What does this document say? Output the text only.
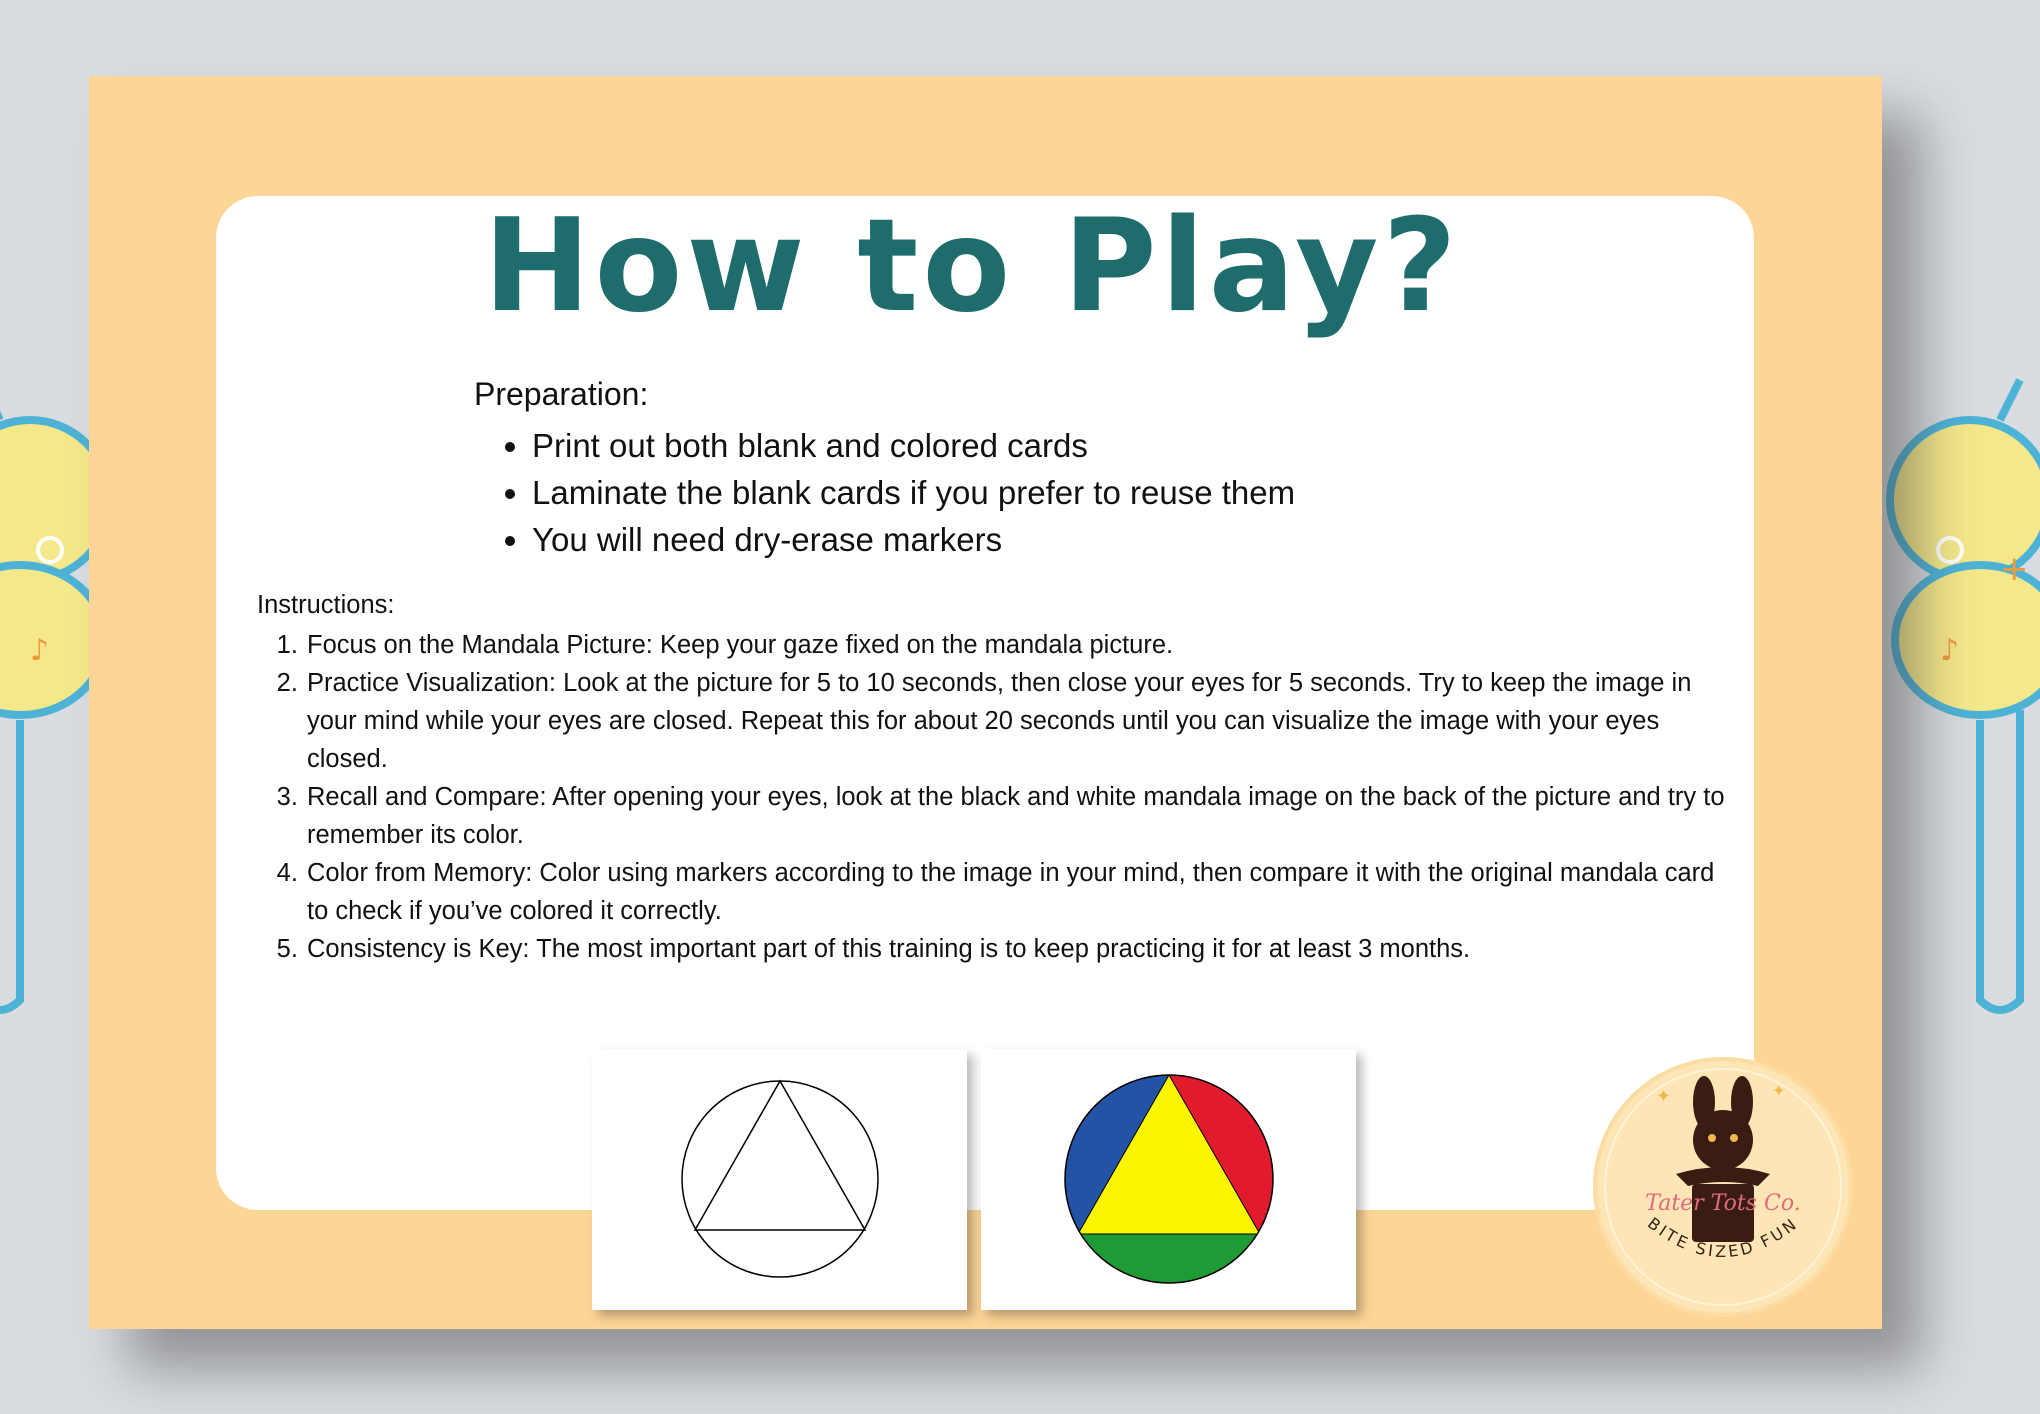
♪
+
♪
How to Play?

Preparation:

• Print out both blank and colored cards
• Laminate the blank cards if you prefer to reuse them
• You will need dry-erase markers

Instructions:

1. Focus on the Mandala Picture: Keep your gaze fixed on the mandala picture.
2. Practice Visualization: Look at the picture for 5 to 10 seconds, then close your eyes for 5 seconds. Try to keep the image in your mind while your eyes are closed. Repeat this for about 20 seconds until you can visualize the image with your eyes closed.
3. Recall and Compare: After opening your eyes, look at the black and white mandala image on the back of the picture and try to remember its color.
4. Color from Memory: Color using markers according to the image in your mind, then compare it with the original mandala card to check if you’ve colored it correctly.
5. Consistency is Key: The most important part of this training is to keep practicing it for at least 3 months.
✦	✦
Tater Tots Co.
BITE SIZED FUN
